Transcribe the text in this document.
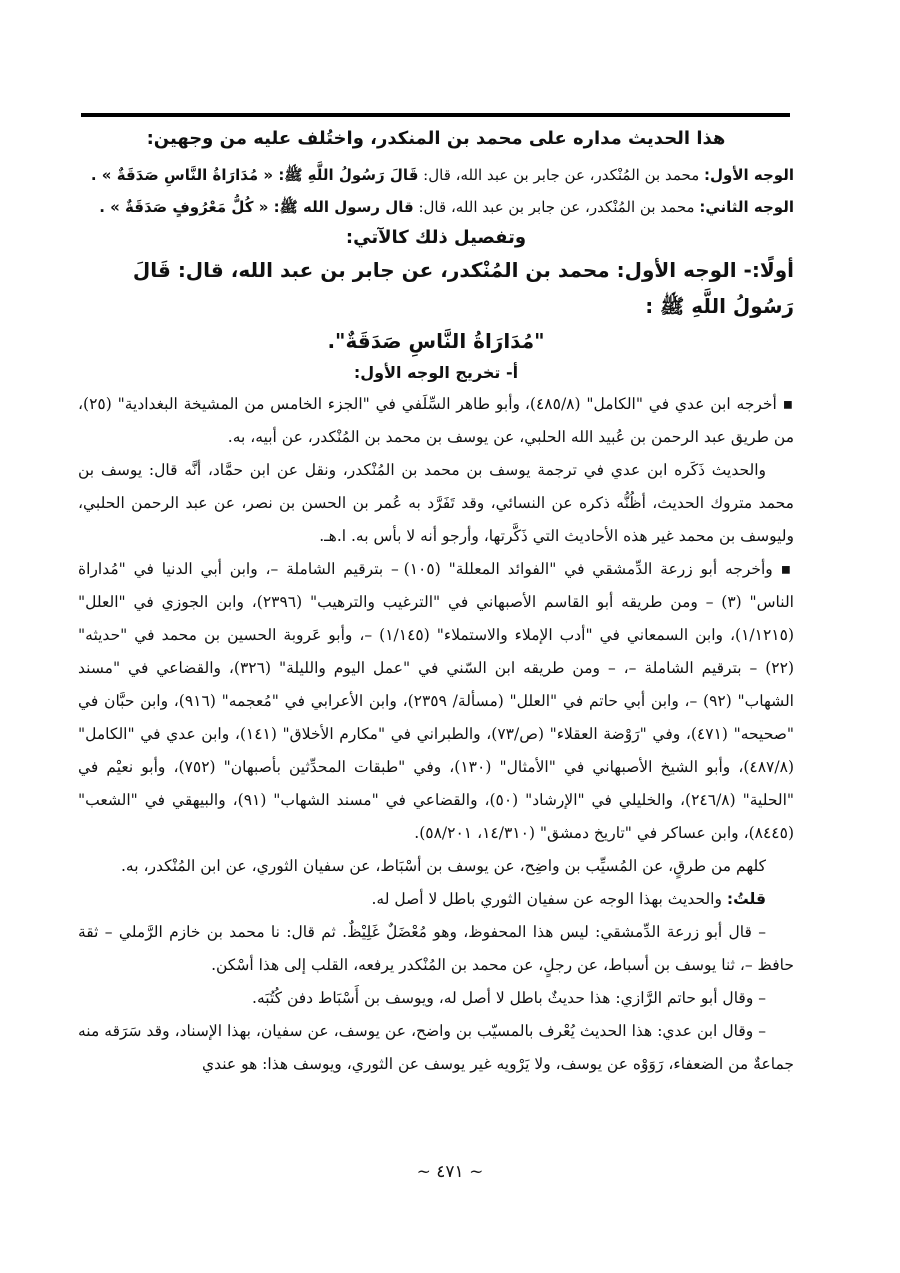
هذا الحديث مداره على محمد بن المنكدر، واختُلف عليه من وجهين:

الوجه الأول: محمد بن المُنْكدر، عن جابر بن عبد الله، قال: قَالَ رَسُولُ اللَّهِ ﷺ: « مُدَارَاةُ النَّاسِ صَدَقَةٌ » .

الوجه الثاني: محمد بن المُنْكدر، عن جابر بن عبد الله، قال: قال رسول الله ﷺ: « كُلُّ مَعْرُوفٍ صَدَقَةٌ » .

وتفصيل ذلك كالآتي:

أولًا:- الوجه الأول: محمد بن المُنْكدر، عن جابر بن عبد الله، قال: قَالَ رَسُولُ اللَّهِ ﷺ :

"مُدَارَاةُ النَّاسِ صَدَقَةٌ".

أ- تخريج الوجه الأول:

▪ أخرجه ابن عدي في "الكامل" (٤٨٥/٨)، وأبو طاهر السِّلَفي في "الجزء الخامس من المشيخة البغدادية" (٢٥)، من طريق عبد الرحمن بن عُبيد الله الحلبي، عن يوسف بن محمد بن المُنْكدر، عن أبيه، به.

والحديث ذَكَره ابن عدي في ترجمة يوسف بن محمد بن المُنْكدر، ونقل عن ابن حمَّاد، أنَّه قال: يوسف بن محمد متروك الحديث، أظُنُّه ذكره عن النسائي، وقد تَفَرَّد به عُمر بن الحسن بن نصر، عن عبد الرحمن الحلبي، وليوسف بن محمد غير هذه الأحاديث التي ذَكَّرتها، وأرجو أنه لا بأس به. ا.هـ.

▪ وأخرجه أبو زرعة الدِّمشقي في "الفوائد المعللة" (١٠٥) – بترقيم الشاملة –، وابن أبي الدنيا في "مُداراة الناس" (٣) – ومن طريقه أبو القاسم الأصبهاني في "الترغيب والترهيب" (٢٣٩٦)، وابن الجوزي في "العلل" (١/١٢١٥)، وابن السمعاني في "أدب الإملاء والاستملاء" (١/١٤٥) –، وأبو عَروبة الحسين بن محمد في "حديثه" (٢٢) – بترقيم الشاملة –، – ومن طريقه ابن السّني في "عمل اليوم والليلة" (٣٢٦)، والقضاعي في "مسند الشهاب" (٩٢) –، وابن أبي حاتم في "العلل" (مسألة/ ٢٣٥٩)، وابن الأعرابي في "مُعجمه" (٩١٦)، وابن حبَّان في "صحيحه" (٤٧١)، وفي "رَوْضة العقلاء" (ص/٧٣)، والطبراني في "مكارم الأخلاق" (١٤١)، وابن عدي في "الكامل" (٤٨٧/٨)، وأبو الشيخ الأصبهاني في "الأمثال" (١٣٠)، وفي "طبقات المحدِّثين بأصبهان" (٧٥٢)، وأبو نعيْم في "الحلية" (٢٤٦/٨)، والخليلي في "الإرشاد" (٥٠)، والقضاعي في "مسند الشهاب" (٩١)، والبيهقي في "الشعب" (٨٤٤٥)، وابن عساكر في "تاريخ دمشق" (١٤/٣١٠، ٥٨/٢٠١).

كلهم من طرقٍ، عن المُسيِّب بن واضِح، عن يوسف بن أسْبَاط، عن سفيان الثوري، عن ابن المُنْكدر، به.

قلتُ: والحديث بهذا الوجه عن سفيان الثوري باطل لا أصل له.

– قال أبو زرعة الدِّمشقي: ليس هذا المحفوظ، وهو مُعْضَلٌ غَلِيْظٌ. ثم قال: نا محمد بن خازم الرَّملي – ثقة حافظ –، ثنا يوسف بن أسباط، عن رجلٍ، عن محمد بن المُنْكدر يرفعه، القلب إلى هذا أسْكن.

– وقال أبو حاتم الرَّازي: هذا حديثٌ باطل لا أصل له، ويوسف بن أَسْبَاط دفن كُتُبَه.

– وقال ابن عدي: هذا الحديث يُعْرف بالمسيّب بن واضح، عن يوسف، عن سفيان، بهذا الإسناد، وقد سَرَقه منه جماعةٌ من الضعفاء، رَوَوْه عن يوسف، ولا يَرْويه غير يوسف عن الثوري، ويوسف هذا: هو عندي

~ ٤٧١ ~
